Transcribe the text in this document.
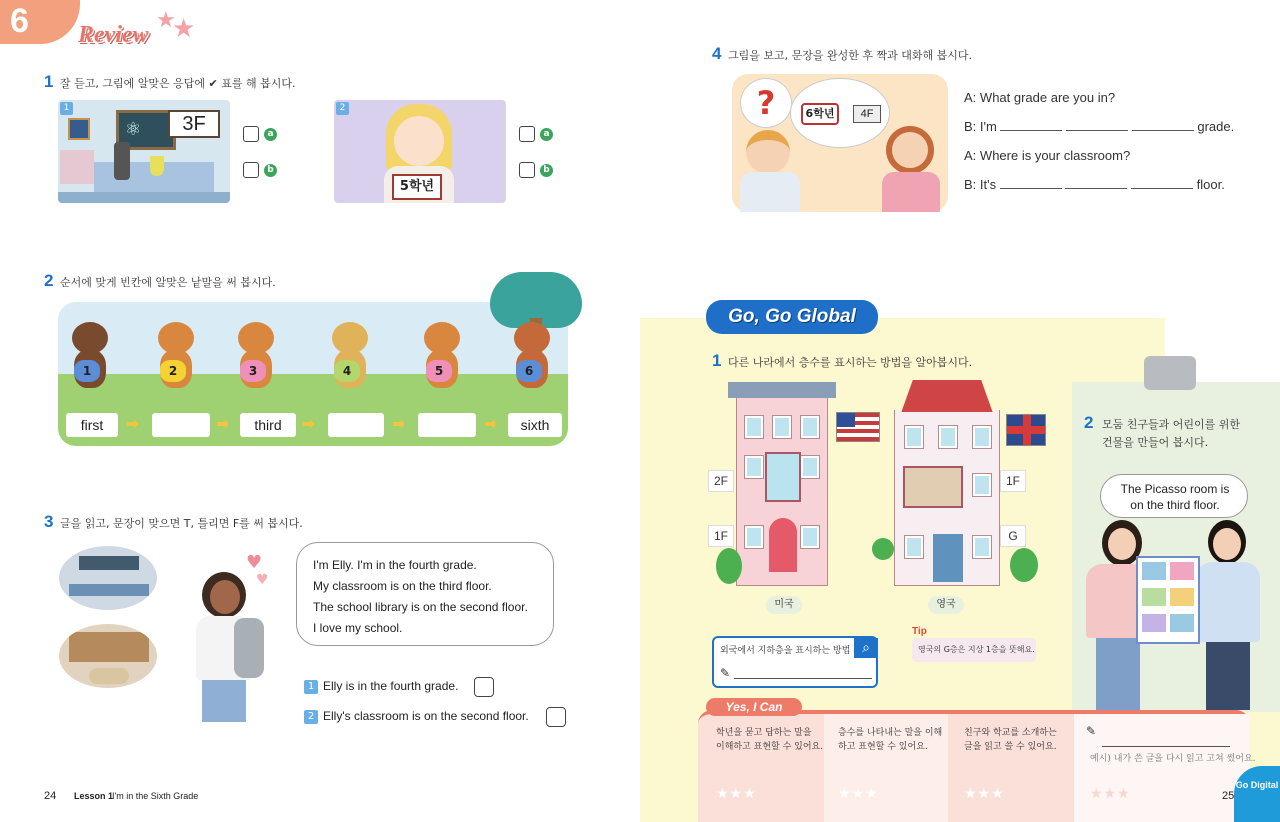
6 Review
★
★
1 잘 듣고, 그림에 알맞은 응답에 ✔ 표를 해 봅시다.
1
⚛	3F	a
b
2
5학년
a
b
2 순서에 맞게 빈칸에 알맞은 낱말을 써 봅시다.
1	2	3	4	5	6
first	➡	➡	third	➡	➡	➡	sixth
3 글을 읽고, 문장이 맞으면 T, 틀리면 F를 써 봅시다.
♥
♥
I'm Elly. I'm in the fourth grade.
My classroom is on the third floor.
The school library is on the second floor.
I love my school.
1 Elly is in the fourth grade.
2 Elly's classroom is on the second floor.
24 Lesson 1
I'm in the Sixth Grade
4 그림을 보고, 문장을 완성한 후 짝과 대화해 봅시다.
?	6학년	4F
A: What grade are you in?
B: I'm	grade.
A: Where is your classroom?
B: It's	floor.
Go, Go Global
1 다른 나라에서 층수를 표시하는 방법을 알아봅시다.
2F
1F
미국
1F
G
영국
외국에서 지하층을 표시하는 방법 ⌕
✎
Tip
영국의 G층은 지상 1층을 뜻해요.
2 모둠 친구들과 어린이를 위한
건물을 만들어 봅시다.
The Picasso room is
on the third floor.
Yes, I Can
학년을 묻고 답하는 말을
이해하고 표현할 수 있어요.
층수를 나타내는 말을 이해
하고 표현할 수 있어요.
친구와 학교를 소개하는
글을 읽고 쓸 수 있어요.
✎
예시) 내가 쓴 글을 다시 읽고 고쳐 썼어요.
★★★	★★★	★★★	★★★	25
Go Digital
